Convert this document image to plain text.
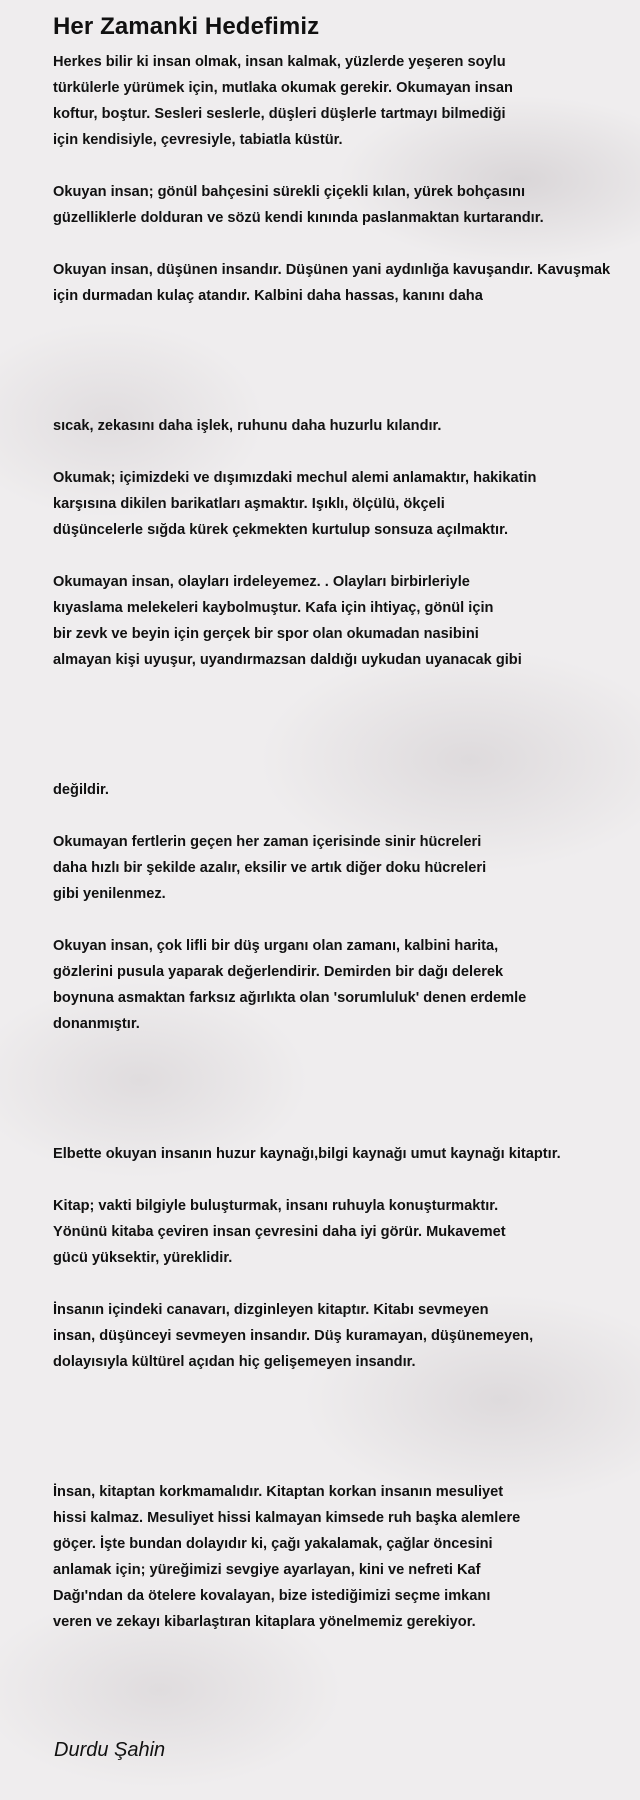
Her Zamanki Hedefimiz
Herkes bilir ki insan olmak, insan kalmak, yüzlerde yeşeren soylu
türkülerle yürümek için, mutlaka okumak gerekir. Okumayan insan
koftur, boştur. Sesleri seslerle, düşleri düşlerle tartmayı bilmediği
için kendisiyle, çevresiyle, tabiatla küstür.
Okuyan insan; gönül bahçesini sürekli çiçekli kılan, yürek bohçasını
güzelliklerle dolduran ve sözü kendi kınında paslanmaktan kurtarandır.
Okuyan insan, düşünen insandır. Düşünen yani aydınlığa kavuşandır. Kavuşmak
için durmadan kulaç atandır. Kalbini daha hassas, kanını daha
sıcak, zekasını daha işlek, ruhunu daha huzurlu kılandır.
Okumak; içimizdeki ve dışımızdaki mechul alemi anlamaktır, hakikatin
karşısına dikilen barikatları aşmaktır. Işıklı, ölçülü, ökçeli
düşüncelerle sığda kürek çekmekten kurtulup sonsuza açılmaktır.
Okumayan insan, olayları irdeleyemez. . Olayları birbirleriyle
kıyaslama melekeleri kaybolmuştur. Kafa için ihtiyaç, gönül için
bir zevk ve beyin için gerçek bir spor olan okumadan nasibini
almayan kişi uyuşur, uyandırmazsan daldığı uykudan uyanacak gibi
değildir.
Okumayan fertlerin geçen her zaman içerisinde sinir hücreleri
daha hızlı bir şekilde azalır, eksilir ve artık diğer doku hücreleri
gibi yenilenmez.
Okuyan insan, çok lifli bir düş urganı olan zamanı, kalbini harita,
gözlerini pusula yaparak değerlendirir. Demirden bir dağı delerek
boynuna asmaktan farksız ağırlıkta olan 'sorumluluk' denen erdemle
donanmıştır.
Elbette okuyan insanın huzur kaynağı,bilgi kaynağı umut kaynağı kitaptır.
Kitap; vakti bilgiyle buluşturmak, insanı ruhuyla konuşturmaktır.
Yönünü kitaba çeviren insan çevresini daha iyi görür. Mukavemet
gücü yüksektir, yüreklidir.
İnsanın içindeki canavarı, dizginleyen kitaptır. Kitabı sevmeyen
insan, düşünceyi sevmeyen insandır. Düş kuramayan, düşünemeyen,
dolayısıyla kültürel açıdan hiç gelişemeyen insandır.
İnsan, kitaptan korkmamalıdır. Kitaptan korkan insanın mesuliyet
hissi kalmaz. Mesuliyet hissi kalmayan kimsede ruh başka alemlere
göçer. İşte bundan dolayıdır ki, çağı yakalamak, çağlar öncesini
anlamak için; yüreğimizi sevgiye ayarlayan, kini ve nefreti Kaf
Dağı'ndan da ötelere kovalayan, bize istediğimizi seçme imkanı
veren ve zekayı kibarlaştıran kitaplara yönelmemiz gerekiyor.
Durdu Şahin
